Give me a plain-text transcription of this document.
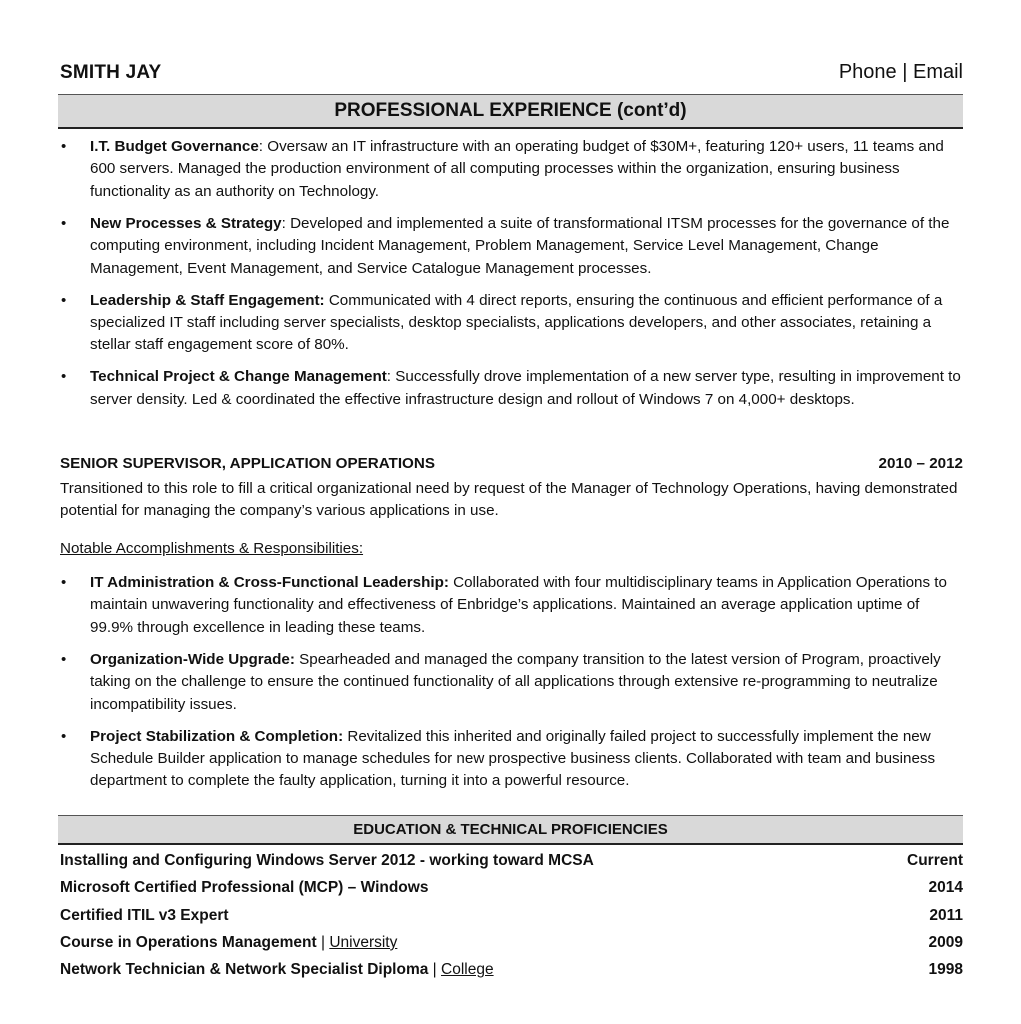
SMITH JAY	Phone | Email
PROFESSIONAL EXPERIENCE (cont’d)
• I.T. Budget Governance: Oversaw an IT infrastructure with an operating budget of $30M+, featuring 120+ users, 11 teams and 600 servers. Managed the production environment of all computing processes within the organization, ensuring business functionality as an authority on Technology.
• New Processes & Strategy: Developed and implemented a suite of transformational ITSM processes for the governance of the computing environment, including Incident Management, Problem Management, Service Level Management, Change Management, Event Management, and Service Catalogue Management processes.
• Leadership & Staff Engagement: Communicated with 4 direct reports, ensuring the continuous and efficient performance of a specialized IT staff including server specialists, desktop specialists, applications developers, and other associates, retaining a stellar staff engagement score of 80%.
• Technical Project & Change Management: Successfully drove implementation of a new server type, resulting in improvement to server density. Led & coordinated the effective infrastructure design and rollout of Windows 7 on 4,000+ desktops.
SENIOR SUPERVISOR, APPLICATION OPERATIONS	2010 – 2012
Transitioned to this role to fill a critical organizational need by request of the Manager of Technology Operations, having demonstrated potential for managing the company’s various applications in use.
Notable Accomplishments & Responsibilities:
• IT Administration & Cross-Functional Leadership: Collaborated with four multidisciplinary teams in Application Operations to maintain unwavering functionality and effectiveness of Enbridge’s applications. Maintained an average application uptime of 99.9% through excellence in leading these teams.
• Organization-Wide Upgrade: Spearheaded and managed the company transition to the latest version of Program, proactively taking on the challenge to ensure the continued functionality of all applications through extensive re-programming to neutralize incompatibility issues.
• Project Stabilization & Completion: Revitalized this inherited and originally failed project to successfully implement the new Schedule Builder application to manage schedules for new prospective business clients. Collaborated with team and business department to complete the faulty application, turning it into a powerful resource.
EDUCATION & TECHNICAL PROFICIENCIES
Installing and Configuring Windows Server 2012 - working toward MCSA	Current
Microsoft Certified Professional (MCP) – Windows	2014
Certified ITIL v3 Expert	2011
Course in Operations Management | University	2009
Network Technician & Network Specialist Diploma | College	1998
